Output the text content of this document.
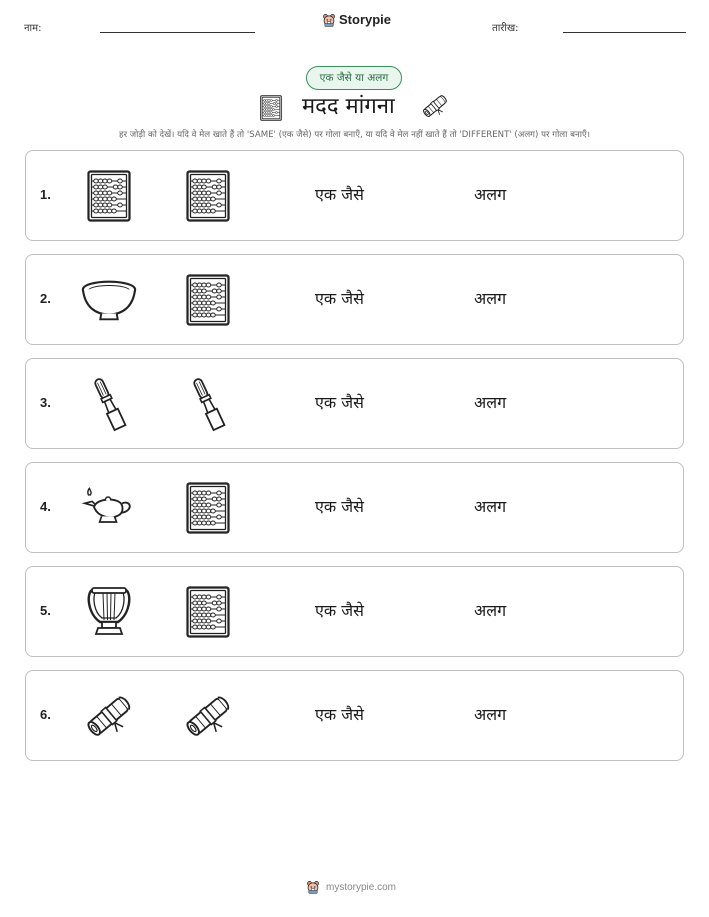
नाम:
Storypie
तारीख:
एक जैसे या अलग
मदद मांगना
हर जोड़ी को देखें। यदि वे मेल खाते हैं तो 'SAME' (एक जैसे) पर गोला बनाएँ, या यदि वे मेल नहीं खाते हैं तो 'DIFFERENT' (अलग) पर गोला बनाएँ।
1.	एक जैसे	अलग
2.	एक जैसे	अलग
3.	एक जैसे	अलग
4.	एक जैसे	अलग
5.	एक जैसे	अलग
6.	एक जैसे	अलग
mystorypie.com
